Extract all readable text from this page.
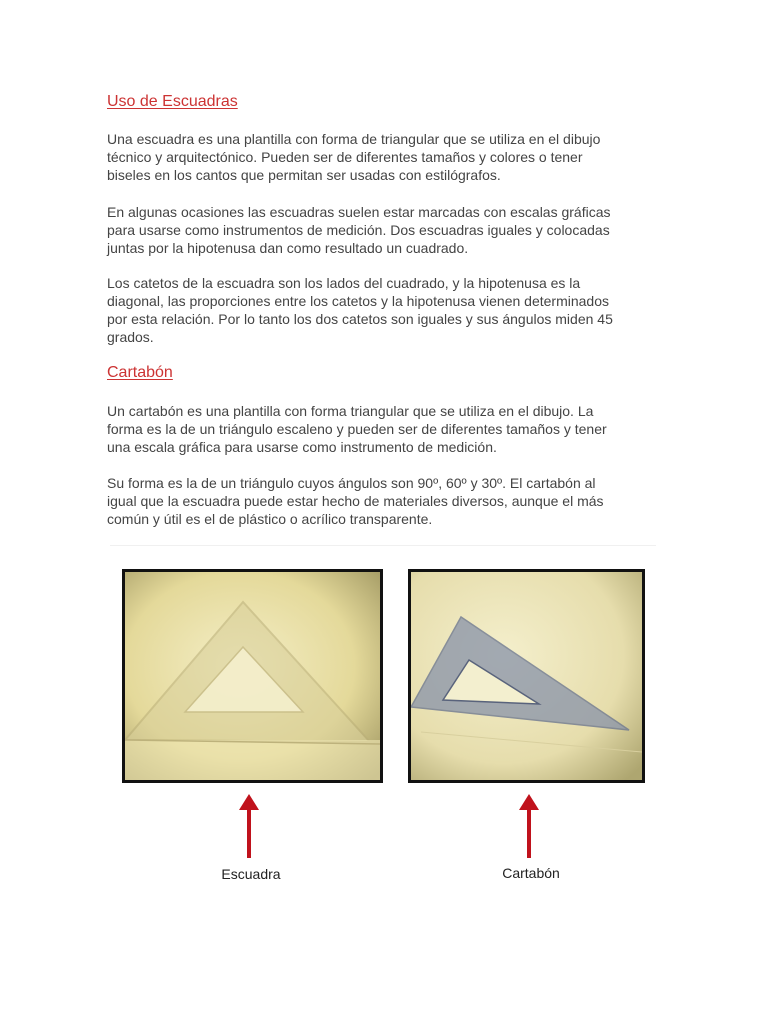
Uso de Escuadras

Una escuadra es una plantilla con forma de triangular que se utiliza en el dibujo técnico y arquitectónico. Pueden ser de diferentes tamaños y colores o tener biseles en los cantos que permitan ser usadas con estilógrafos.

En algunas ocasiones las escuadras suelen estar marcadas con escalas gráficas para usarse como instrumentos de medición. Dos escuadras iguales y colocadas juntas por la hipotenusa dan como resultado un cuadrado.

Los catetos de la escuadra son los lados del cuadrado, y la hipotenusa es la diagonal, las proporciones entre los catetos y la hipotenusa vienen determinados por esta relación. Por lo tanto los dos catetos son iguales y sus ángulos miden 45 grados.

Cartabón

Un cartabón es una plantilla con forma triangular que se utiliza en el dibujo. La forma es la de un triángulo escaleno y pueden ser de diferentes tamaños y tener una escala gráfica para usarse como instrumento de medición.

Su forma es la de un triángulo cuyos ángulos son 90º, 60º y 30º. El cartabón al igual que la escuadra puede estar hecho de materiales diversos, aunque el más común y útil es el de plástico o acrílico transparente.

Escuadra	Cartabón
